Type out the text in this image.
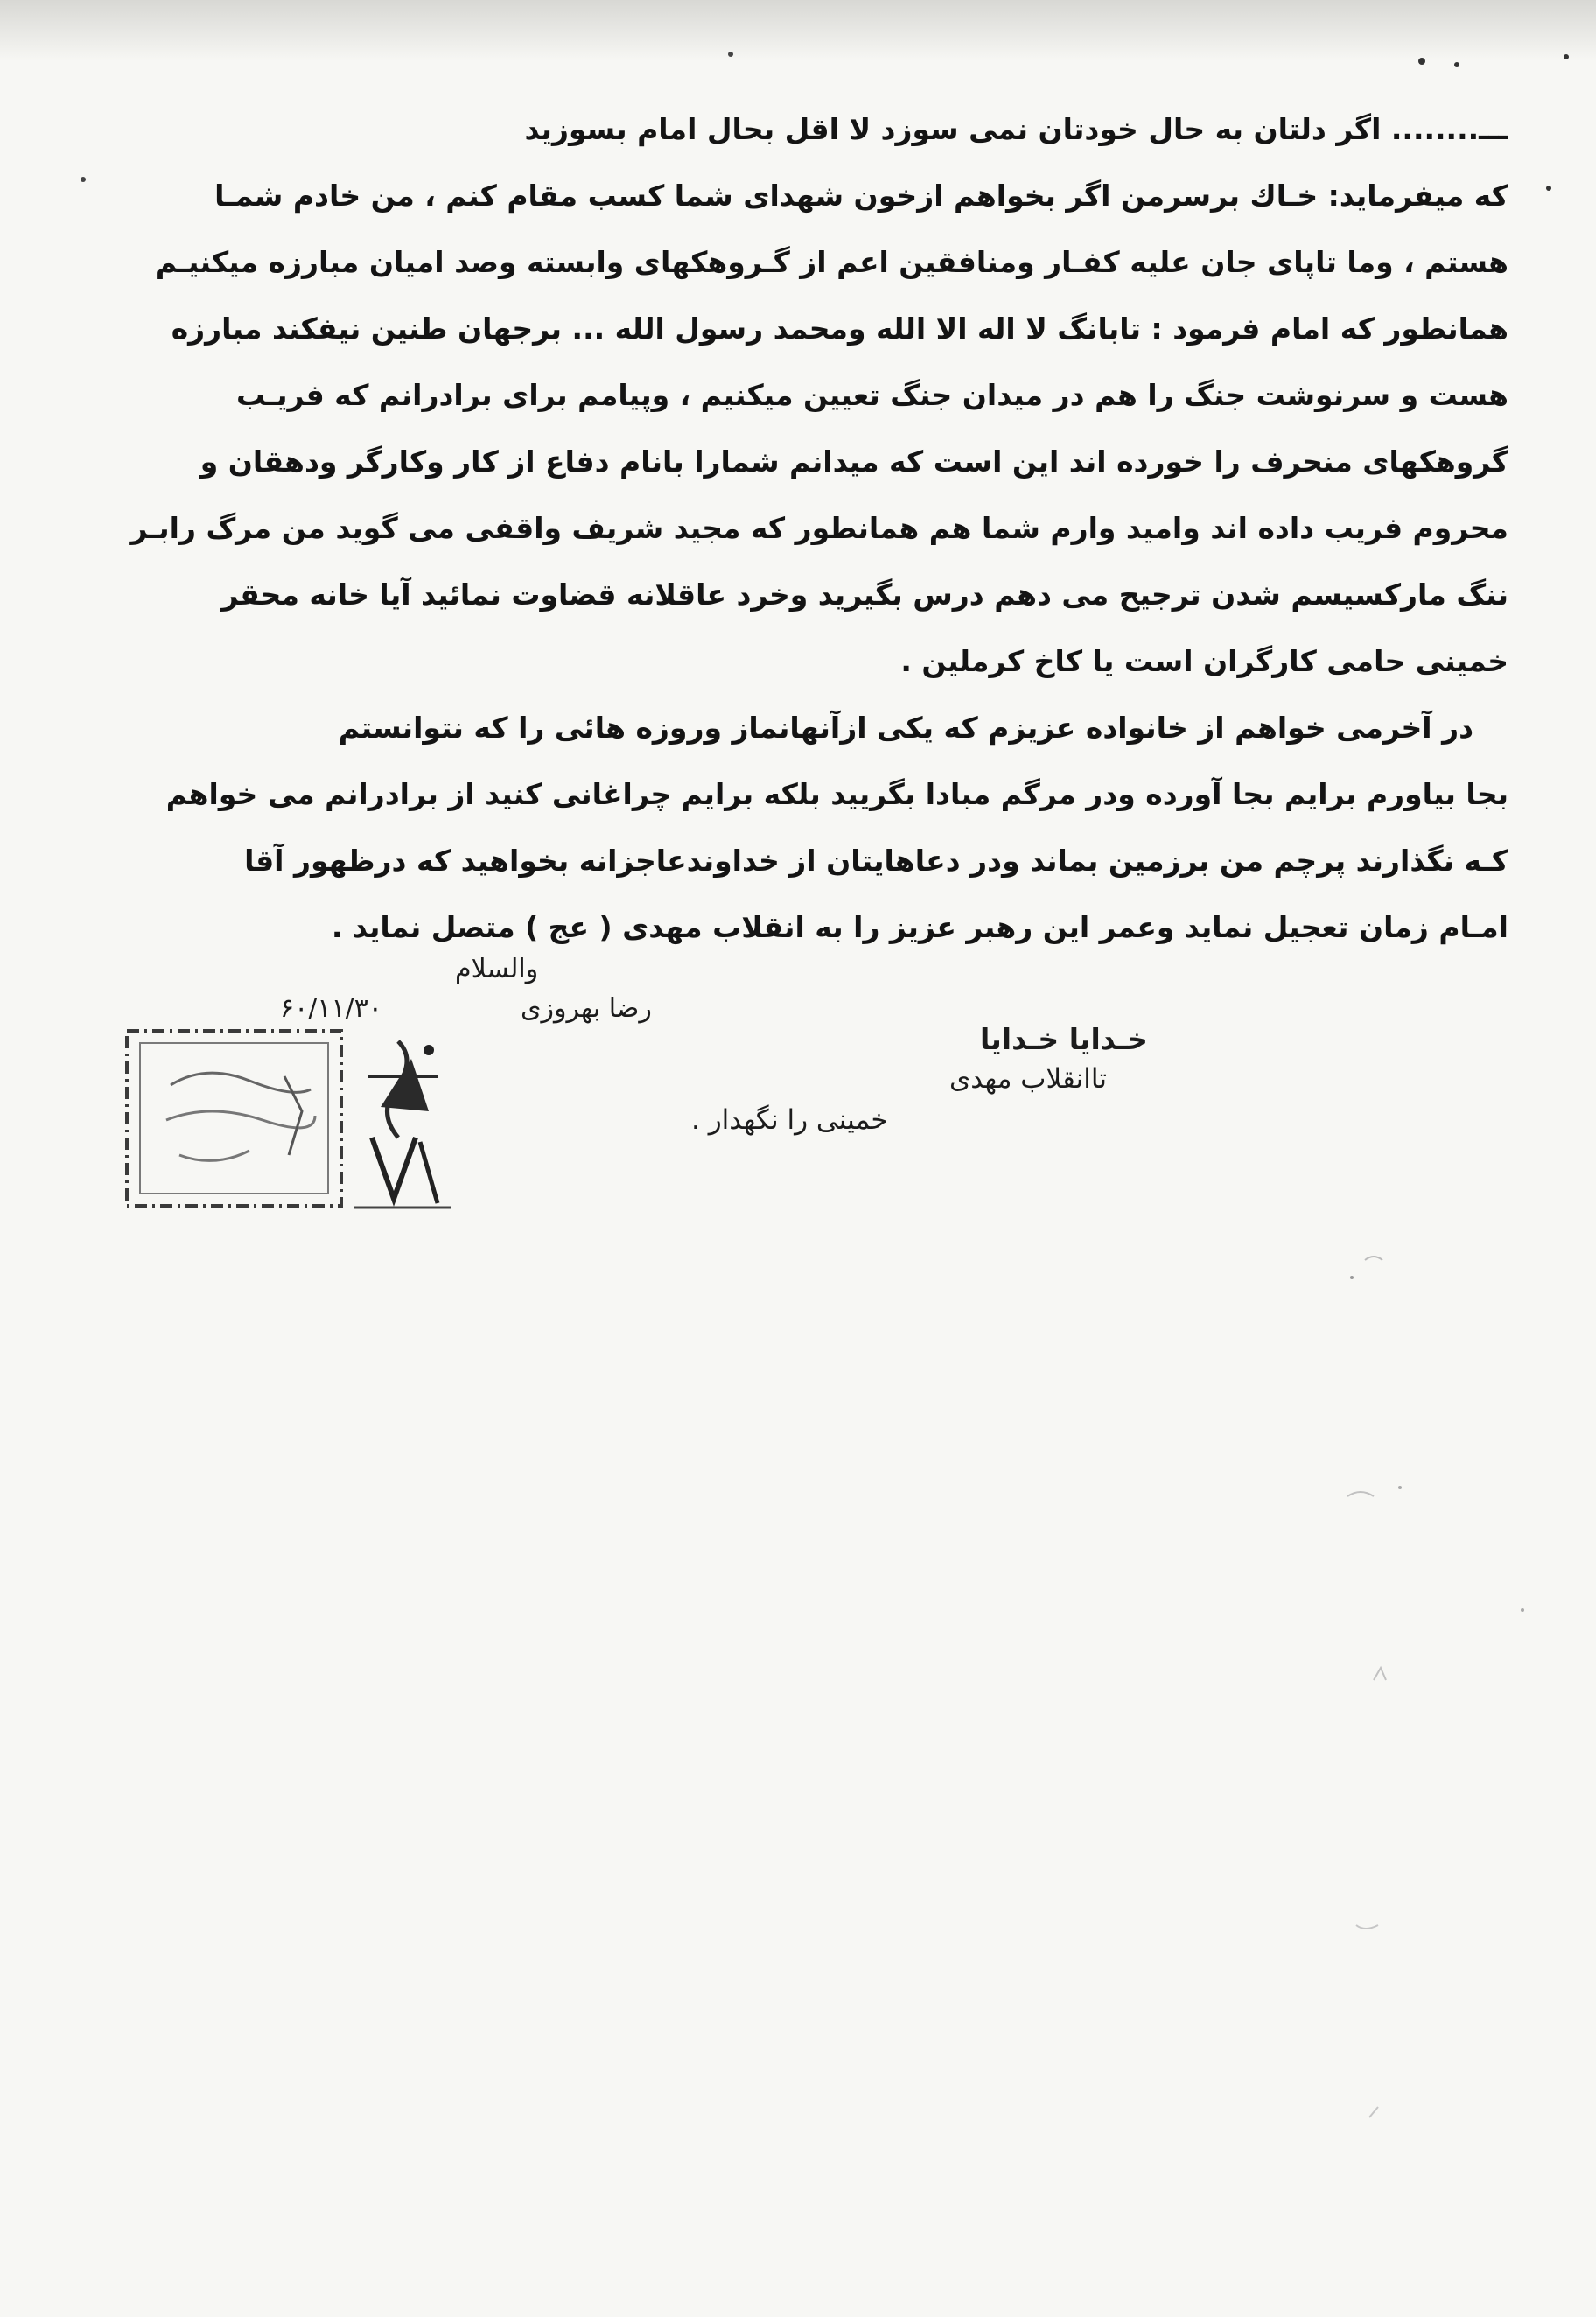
ـــ........ اگر دلتان به حال خودتان نمی سوزد لا اقل بحال امام بسوزید
که میفرمايد: خـاك برسرمن اگر بخواهم ازخون شهدای شما کسب مقام کنم ، من خادم شمـا
هستم ، وما تاپای جان علیه کفـار ومنافقین اعم از گـروهکهای وابسته وصد اميان مبارزه میکنیـم
همانطور که امام فرمود : تابانگ لا اله الا الله ومحمد رسول الله ... برجهان طنین نیفکند مبارزه
هست و سرنوشت جنگ را هم در میدان جنگ تعیین میکنیم ، وپیامم برای برادرانم که فریـب
گروهکهای منحرف را خورده اند این است که میدانم شمارا بانام دفاع از کار وکارگر ودهقان و
محروم فریب داده اند وامید وارم شما هم همانطور که مجید شریف واقفی می گوید من مرگ رابـر
ننگ مارکسیسم شدن ترجیح می دهم درس بگیرید وخرد عاقلانه قضاوت نمائید آیا خانه محقر
خمینی حامی کارگران است یا کاخ کرملین .
در آخرمی خواهم از خانواده عزیزم که یکی ازآنهانماز وروزه هائی را که نتوانستم
بجا بیاورم برایم بجا آورده ودر مرگم مبادا بگریید بلکه برایم چراغانی کنید از برادرانم می خواهم
کـه نگذارند پرچم من برزمین بماند ودر دعاهایتان از خداوندعاجزانه بخواهید که درظهور آقا
امـام زمان تعجیل نماید وعمر این رهبر عزیز را به انقلاب مهدی ( عج ) متصل نماید .
والسلام
رضا بهروزی
۶۰/۱۱/۳۰
خـدایا خـدایا
تاانقلاب مهدی
خمینی را نگهدار .
